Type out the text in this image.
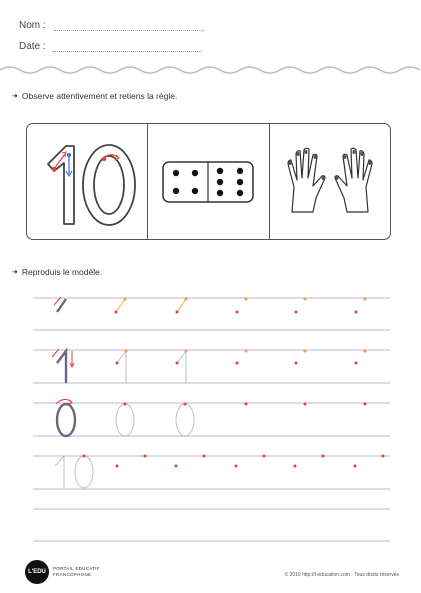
Nom :
Date :
➜ Observe attentivement et retiens la règle.
➜ Reproduis le modèle.
L'EDU
PORTAIL ÉDUCATIF
FRANCOPHONE	© 2019 http://l-education.com - Tous droits réservés
